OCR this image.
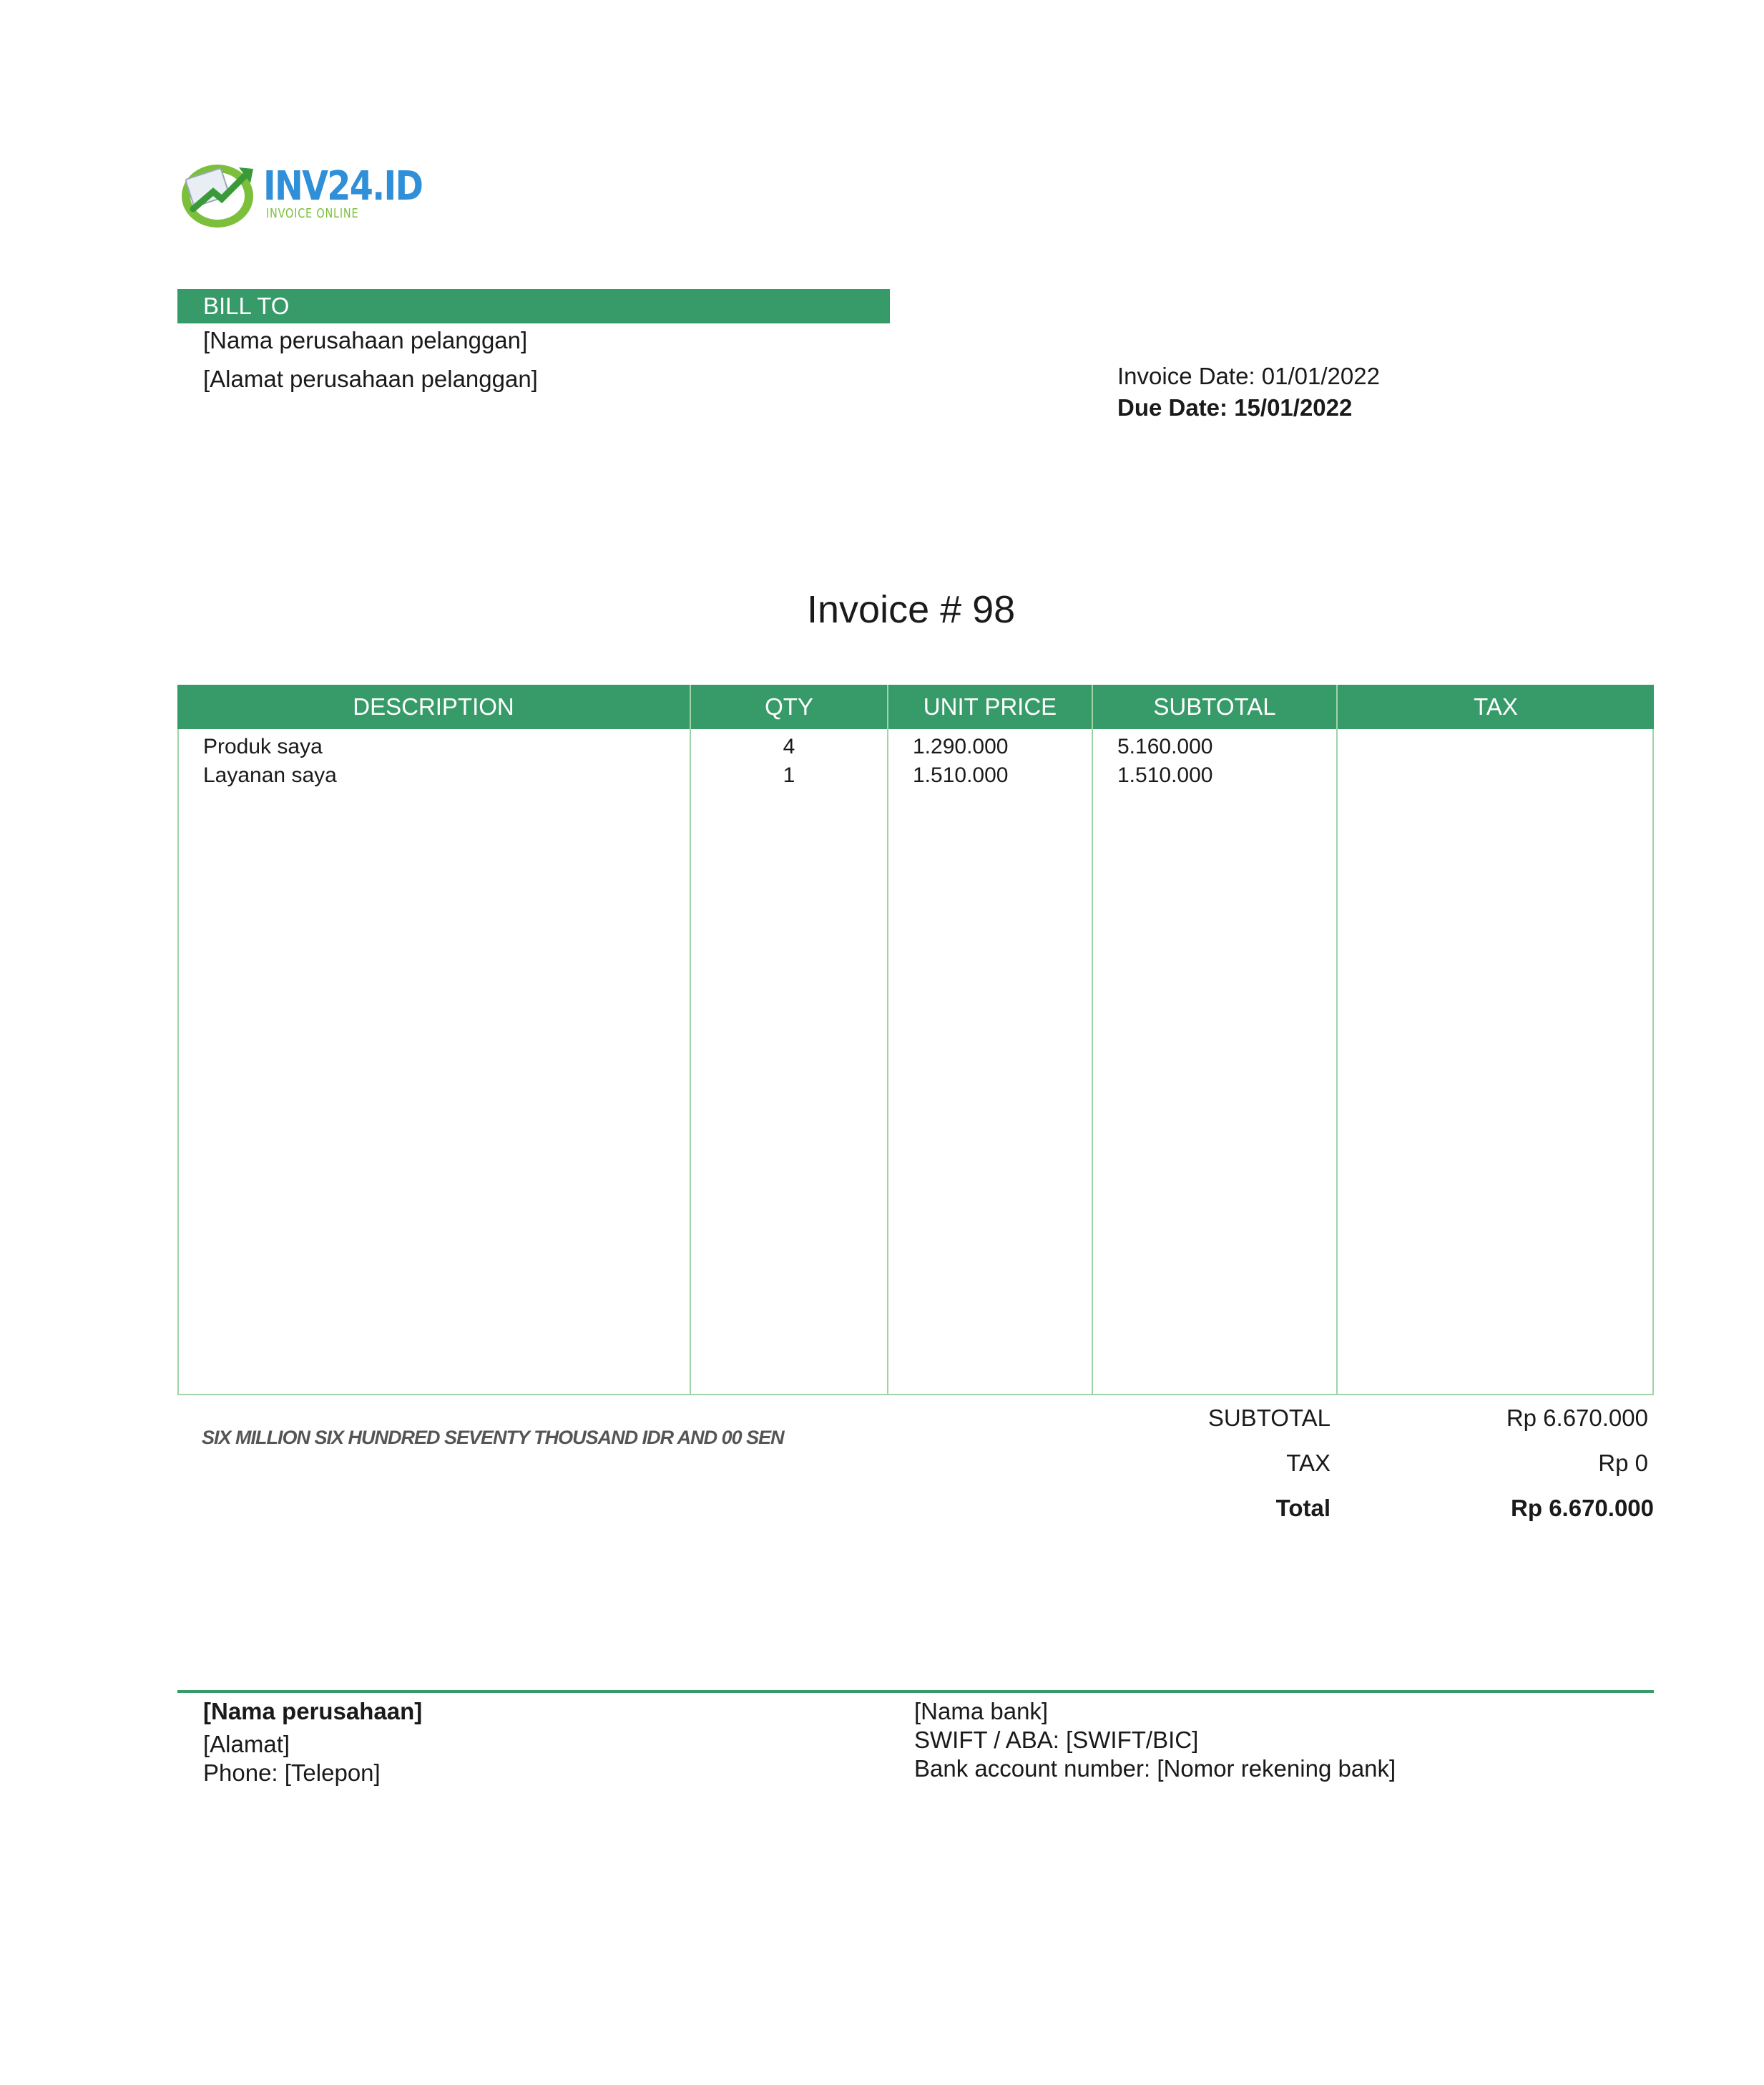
INV24.ID
INVOICE ONLINE
BILL TO
[Nama perusahaan pelanggan]
[Alamat perusahaan pelanggan]	Invoice Date: 01/01/2022
Due Date: 15/01/2022
Invoice # 98
DESCRIPTION	QTY	UNIT PRICE	SUBTOTAL	TAX
Produk saya	4	1.290.000	5.160.000
Layanan saya	1	1.510.000	1.510.000
SIX MILLION SIX HUNDRED SEVENTY THOUSAND IDR AND 00 SEN
SUBTOTAL	Rp 6.670.000
TAX	Rp 0
Total	Rp 6.670.000
[Nama perusahaan]
[Alamat]
Phone: [Telepon]
[Nama bank]
SWIFT / ABA: [SWIFT/BIC]
Bank account number: [Nomor rekening bank]
